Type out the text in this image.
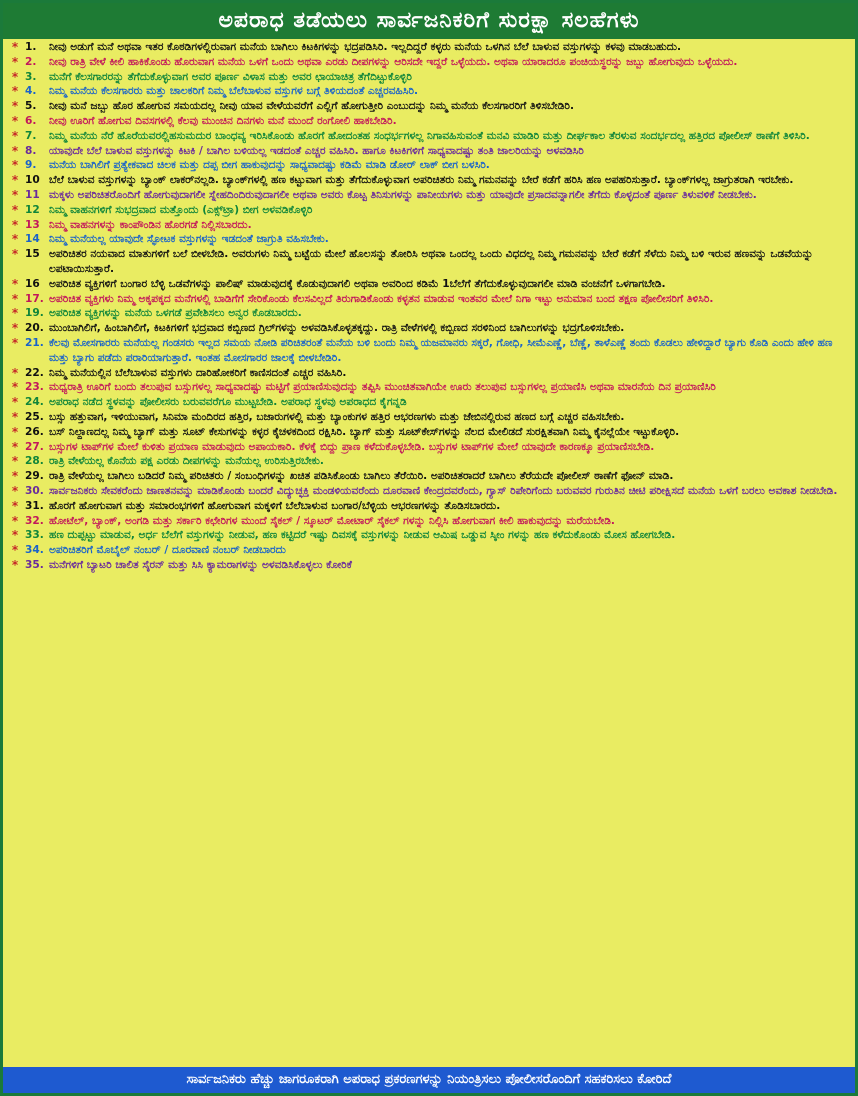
ಅಪರಾಧ ತಡೆಯಲು ಸಾರ್ವಜನಿಕರಿಗೆ ಸುರಕ್ಷಾ ಸಲಹೆಗಳು
* 1.	ನೀವು ಅಡುಗೆ ಮನೆ ಅಥವಾ ಇತರ ಕೊಠಡಿಗಳಲ್ಲಿರುವಾಗ ಮನೆಯ ಬಾಗಿಲು ಕಿಟಕಿಗಳನ್ನು ಭದ್ರಪಡಿಸಿರಿ. ಇಲ್ಲದಿದ್ದರೆ ಕಳ್ಳರು ಮನೆಯ ಒಳಗಿನ ಬೆಲೆ ಬಾಳುವ ವಸ್ತುಗಳನ್ನು ಕಳವು ಮಾಡಬಹುದು.
* 2.	ನೀವು ರಾತ್ರಿ ವೇಳೆ ಕೀಲಿ ಹಾಕಿಕೊಂಡು ಹೊರುವಾಗ ಮನೆಯ ಒಳಗೆ ಒಂದು ಅಥವಾ ಎರಡು ದೀಪಗಳನ್ನು ಆರಿಸದೇ ಇದ್ದರೆ ಒಳ್ಳೆಯದು. ಅಥವಾ ಯಾರಾದರೂ ಪಂಚಿಯಸ್ಥರನ್ನು ಜಬ್ಬು ಹೋಗುವುದು ಒಳ್ಳೆಯದು.
* 3.	ಮನೆಗೆ ಕೆಲಸಗಾರರನ್ನು ತೆಗೆದುಕೊಳ್ಳುವಾಗ ಅವರ ಪೂರ್ಣ ವಿಳಾಸ ಮತ್ತು ಅವರ ಛಾಯಾಚಿತ್ರ ತೆಗೆದಿಟ್ಟುಕೊಳ್ಳಿರಿ
* 4.	ನಿಮ್ಮ ಮನೆಯ ಕೆಲಸಗಾರರು ಮತ್ತು ಚಾಲಕರಿಗೆ ನಿಮ್ಮ ಬೆಲೆಬಾಳುವ ವಸ್ತುಗಳ ಬಗ್ಗೆ ತಿಳಿಯದಂತೆ ಎಚ್ಚರವಹಿಸಿರಿ.
* 5.	ನೀವು ಮನೆ ಜಬ್ಬು ಹೊರ ಹೋಗುವ ಸಮಯದಲ್ಲ ನೀವು ಯಾವ ವೇಳೆಯವರೆಗೆ ಎಲ್ಲಿಗೆ ಹೋಗುತ್ತೀರಿ ಎಂಬುದನ್ನು ನಿಮ್ಮ ಮನೆಯ ಕೆಲಸಗಾರರಿಗೆ ತಿಳಿಸಬೇಡಿರಿ.
* 6.	ನೀವು ಊರಿಗೆ ಹೋಗುವ ದಿವಸಗಳಲ್ಲಿ ಕೆಲವು ಮುಂಚಿನ ದಿನಗಳು ಮನೆ ಮುಂದೆ ರಂಗೋಲಿ ಹಾಕಬೇಡಿರಿ.
* 7.	ನಿಮ್ಮ ಮನೆಯ ನೆರೆ ಹೊರೆಯವರಲ್ಲಿಹಸುಮದುರ ಬಾಂಧವ್ಯ ಇರಿಸಿಕೊಂಡು ಹೊರಗೆ ಹೋದಂತಹ ಸಂಧರ್ಭಗಳಲ್ಲ ನಿಗಾವಹಿಸುವಂತೆ ಮನವಿ ಮಾಡಿರಿ ಮತ್ತು ದೀರ್ಘಕಾಲ ತೆರಳುವ ಸಂದರ್ಭದಲ್ಲ ಹತ್ತಿರದ ಪೋಲೀಸ್ ಠಾಣೆಗೆ ತಿಳಿಸಿರಿ.
* 8.	ಯಾವುದೇ ಬೆಲೆ ಬಾಳುವ ವಸ್ತುಗಳನ್ನು ಕಿಟಕಿ / ಬಾಗಿಲ ಬಳಿಯಲ್ಲ ಇಡದಂತೆ ಎಚ್ಚರ ವಹಿಸಿರಿ. ಹಾಗೂ ಕಿಟಕಿಗಳಿಗೆ ಸಾಧ್ಯವಾದಷ್ಟು ತಂತಿ ಜಾಲರಿಯನ್ನು ಅಳವಡಿಸಿರಿ
* 9.	ಮನೆಯ ಬಾಗಿಲಿಗೆ ಪ್ರತ್ಯೇಕವಾದ ಚಿಲಕ ಮತ್ತು ದಪ್ಪ ಬೀಗ ಹಾಕುವುದನ್ನು ಸಾಧ್ಯವಾದಷ್ಟು ಕಡಿಮೆ ಮಾಡಿ ಡೋರ್ ಲಾಕ್ ಬೀಗ ಬಳಸಿರಿ.
* 10 ಬೆಲೆ ಬಾಳುವ ವಸ್ತುಗಳನ್ನು ಬ್ಯಾಂಕ್ ಲಾಕರ್‌ನಲ್ಲಡಿ. ಬ್ಯಾಂಕ್‌ಗಳಲ್ಲಿ ಹಣ ಕಟ್ಟುವಾಗ ಮತ್ತು ತೆಗೆದುಕೊಳ್ಳುವಾಗ ಅಪರಿಚಿತರು ನಿಮ್ಮ ಗಮನವನ್ನು ಬೇರೆ ಕಡೆಗೆ ಹರಿಸಿ ಹಣ ಅಪಹರಿಸುತ್ತಾರೆ. ಬ್ಯಾಂಕ್‌ಗಳಲ್ಲ ಜಾಗ್ರುತರಾಗಿ ಇರಬೇಕು.
* 11 ಮಕ್ಕಳು ಅಪರಿಚಿತರೊಂದಿಗೆ ಹೋಗುವುದಾಗಲೀ ಸ್ನೇಹದಿಂದಿರುವುದಾಗಲೀ ಅಥವಾ ಅವರು ಕೊಟ್ಟ ತಿನಿಸುಗಳನ್ನು ಪಾನೀಯಗಳು ಮತ್ತು ಯಾವುದೇ ಪ್ರಸಾದವನ್ನಾಗಲೀ ತೆಗೆದು ಕೊಳ್ಳದಂತೆ ಪೂರ್ಣ ತಿಳುವಳಿಕೆ ನೀಡಬೇಕು.
* 12 ನಿಮ್ಮ ವಾಹನಗಳಿಗೆ ಸುಭದ್ರವಾದ ಮತ್ತೊಂದು (ಎಕ್ಸ್‌ಟ್ರಾ) ಬೀಗ ಅಳವಡಿಕೊಳ್ಳಿರಿ
* 13 ನಿಮ್ಮ ವಾಹನಗಳನ್ನು ಕಾಂಪೌಂಡಿನ ಹೊರಗಡೆ ನಿಲ್ಲಿಸಬಾರದು.
* 14 ನಿಮ್ಮ ಮನೆಯಲ್ಲ ಯಾವುದೇ ಸ್ಫೋಟಕ ವಸ್ತುಗಳನ್ನು ಇಡದಂತೆ ಜಾಗ್ರುತಿ ವಹಿಸಬೇಕು.
* 15 ಅಪರಿಚಿತರ ನಯವಾದ ಮಾತುಗಳಿಗೆ ಬಲೆ ಬೀಳಬೇಡಿ. ಅವರುಗಳು ನಿಮ್ಮ ಬಟ್ಟೆಯ ಮೇಲೆ ಹೊಲಸನ್ನು ತೋರಿಸಿ ಅಥವಾ ಒಂದಲ್ಲ ಒಂದು ವಿಧದಲ್ಲ ನಿಮ್ಮ ಗಮನವನ್ನು ಬೇರೆ ಕಡೆಗೆ ಸೆಳೆದು ನಿಮ್ಮ ಬಳಿ ಇರುವ ಹಣವನ್ನು ಒಡವೆಯನ್ನು ಲಪಟಾಯಿಸುತ್ತಾರೆ.
* 16 ಅಪರಿಚಿತ ವ್ಯಕ್ತಿಗಳಿಗೆ ಬಂಗಾರ ಬೆಳ್ಳಿ ಒಡವೆಗಳನ್ನು ಪಾಲಿಷ್ ಮಾಡುವುದಕ್ಕೆ ಕೊಡುವುದಾಗಲಿ ಅಥವಾ ಅವರಿಂದ ಕಡಿಮೆ 1ಬೆಲೆಗೆ ತೆಗೆದುಕೊಳ್ಳುವುದಾಗಲೀ ಮಾಡಿ ವಂಚನೆಗೆ ಒಳಗಾಗಬೇಡಿ.
* 17. ಅಪರಿಚಿತ ವ್ಯಕ್ತಿಗಳು ನಿಮ್ಮ ಅಕ್ಕಪಕ್ಕದ ಮನೆಗಳಲ್ಲಿ ಬಾಡಿಗೆಗೆ ಸೇರಿಕೊಂಡು ಕೆಲಸವಿಲ್ಲದೆ ತಿರುಗಾಡಿಕೊಂಡು ಕಳ್ಳತನ ಮಾಡುವ ಇಂತವರ ಮೇಲೆ ನಿಗಾ ಇಟ್ಟು ಅನುಮಾನ ಬಂದ ತಕ್ಷಣ ಪೋಲೀಸರಿಗೆ ತಿಳಿಸಿರಿ.
* 19. ಅಪರಿಚಿತ ವ್ಯಕ್ತಿಗಳನ್ನು ಮನೆಯ ಒಳಗಡೆ ಪ್ರವೇಶಿಸಲು ಅನ್ವರ ಕೊಡಬಾರದು.
* 20. ಮುಂಬಾಗಿಲಿಗೆ, ಹಿಂಬಾಗಿಲಿಗೆ, ಕಿಟಕಿಗಳಿಗೆ ಭದ್ರವಾದ ಕಬ್ಬಿಣದ ಗ್ರಿಲ್‌ಗಳನ್ನು ಅಳವಡಿಸಿಕೊಳ್ಳತಕ್ಕದ್ದು. ರಾತ್ರಿ ವೇಳೆಗಳಲ್ಲಿ ಕಬ್ಬಿಣದ ಸರಳಿನಿಂದ ಬಾಗಿಲುಗಳನ್ನು ಭದ್ರಗೊಳಿಸಬೇಕು.
* 21. ಕೆಲವು ಮೋಸಗಾರರು ಮನೆಯಲ್ಲ ಗಂಡಸರು ಇಲ್ಲದ ಸಮಯ ನೋಡಿ ಪರಿಚಿತರಂತೆ ಮನೆಯ ಬಳಿ ಬಂದು ನಿಮ್ಮ ಯಜಮಾನರು ಸಕ್ಕರೆ, ಗೋಧಿ, ಸೀಮೆಎಣ್ಣೆ, ಬೆಣ್ಣೆ, ತಾಳೆಎಣ್ಣೆ ತಂದು ಕೊಡಲು ಹೇಳಿದ್ದಾರೆ ಬ್ಯಾಗು ಕೊಡಿ ಎಂದು ಹೇಳಿ ಹಣ ಮತ್ತು ಬ್ಯಾಗು ಪಡೆದು ಪರಾರಿಯಾಗುತ್ತಾರೆ. ಇಂತಹ ಮೋಸಗಾರರ ಜಾಲಕ್ಕೆ ಬೀಳಬೇಡಿರಿ.
* 22. ನಿಮ್ಮ ಮನೆಯಲ್ಲಿನ ಬೆಲೆಬಾಳುವ ವಸ್ತುಗಳು ದಾರಿಹೋಕರಿಗೆ ಕಾಣಿಸದಂತೆ ಎಚ್ಚರ ವಹಿಸಿರಿ.
* 23. ಮಧ್ಯರಾತ್ರಿ ಊರಿಗೆ ಬಂದು ತಲುಪುವ ಬಸ್ಸುಗಳಲ್ಲ ಸಾಧ್ಯವಾದಷ್ಟು ಮಟ್ಟಿಗೆ ಪ್ರಯಾಣಿಸುವುದನ್ನು ತಪ್ಪಿಸಿ ಮುಂಚಿತವಾಗಿಯೇ ಊರು ತಲುಪುವ ಬಸ್ಸುಗಳಲ್ಲ ಪ್ರಯಾಣಿಸಿ ಅಥವಾ ಮಾರನೆಯ ದಿನ ಪ್ರಯಾಣಿಸಿರಿ
* 24. ಅಪರಾಧ ನಡೆದ ಸ್ಥಳವನ್ನು ಪೋಲೀಸರು ಬರುವವರೆಗೂ ಮುಟ್ಟಬೇಡಿ. ಅಪರಾಧ ಸ್ಥಳವು ಅಪರಾಧದ ಕೈಗನ್ನಡಿ
* 25. ಬಸ್ಸು ಹತ್ತುವಾಗ, ಇಳಿಯುವಾಗ, ಸಿನಿಮಾ ಮಂದಿರದ ಹತ್ತಿರ, ಬಜಾರುಗಳಲ್ಲಿ ಮತ್ತು ಬ್ಯಾಂಕುಗಳ ಹತ್ತಿರ ಆಭರಣಗಳು ಮತ್ತು ಜೇಬಿನಲ್ಲಿರುವ ಹಣದ ಬಗ್ಗೆ ಎಚ್ಚರ ವಹಿಸಬೇಕು.
* 26. ಬಸ್ ನಿಲ್ದಾಣದಲ್ಲ ನಿಮ್ಮ ಬ್ಯಾಗ್ ಮತ್ತು ಸೂಟ್ ಕೇಸುಗಳನ್ನು ಕಳ್ಳರ ಕೈಚಳಕದಿಂದ ರಕ್ಷಿಸಿರಿ. ಬ್ಯಾಗ್ ಮತ್ತು ಸೂಟ್‌ಕೇಸ್‌ಗಳನ್ನು ನೆಲದ ಮೇಲಿಡದೆ ಸುರಕ್ಷಿತವಾಗಿ ನಿಮ್ಮ ಕೈನಲ್ಲೆಯೇ ಇಟ್ಟುಕೊಳ್ಳಿರಿ.
* 27. ಬಸ್ಸುಗಳ ಟಾಪ್‌ಗಳ ಮೇಲೆ ಕುಳಿತು ಪ್ರಯಾಣ ಮಾಡುವುದು ಅಪಾಯಕಾರಿ. ಕೆಳಕ್ಕೆ ಬಿದ್ದು ಪ್ರಾಣ ಕಳೆದುಕೊಳ್ಳಬೇಡಿ. ಬಸ್ಸುಗಳ ಟಾಪ್‌ಗಳ ಮೇಲೆ ಯಾವುದೇ ಕಾರಣಕ್ಕೂ ಪ್ರಯಾಣಿಸಬೇಡಿ.
* 28. ರಾತ್ರಿ ವೇಳೆಯಲ್ಲ ಕೊನೆಯ ಪಕ್ಷ ಎರಡು ದೀಪಗಳನ್ನು ಮನೆಯಲ್ಲ ಉರಿಸುತ್ತಿರಬೇಕು.
* 29. ರಾತ್ರಿ ವೇಳೆಯಲ್ಲ ಬಾಗಿಲು ಬಡಿದರೆ ನಿಮ್ಮ ಪರಿಚಿತರು / ಸಂಬಂಧಿಗಳನ್ನು ಖಚಿತ ಪಡಿಸಿಕೊಂಡು ಬಾಗಿಲು ತೆರೆಯಿರಿ. ಅಪರಿಚಿತರಾದರೆ ಬಾಗಿಲು ತೆರೆಯದೇ ಪೋಲೀಸ್ ಠಾಣೆಗೆ ಫೋನ್ ಮಾಡಿ.
* 30. ಸಾರ್ವಜನಿಕರು ಸೇವಕರೆಂದು ಜಾಣತನವನ್ನು ಮಾಡಿಕೊಂಡು ಬಂದರೆ ವಿದ್ಯುಚ್ಛಕ್ತಿ ಮಂಡಳಿಯವರೆಂದು ದೂರವಾಣಿ ಕೇಂದ್ರದವರೆಂದು, ಗ್ಯಾಸ್ ರಿಪೇರಿಗೆಂದು ಬರುವವರ ಗುರುತಿನ ಚೀಟಿ ಪರೀಕ್ಷಿಸದೆ ಮನೆಯ ಒಳಗೆ ಬರಲು ಅವಕಾಶ ನೀಡಬೇಡಿ.
* 31. ಹೊರಗೆ ಹೋಗುವಾಗ ಮತ್ತು ಸಮಾರಂಭಗಳಿಗೆ ಹೋಗುವಾಗ ಮಕ್ಕಳಿಗೆ ಬೆಲೆಬಾಳುವ ಬಂಗಾರ/ಬೆಳ್ಳಿಯ ಆಭರಣಗಳನ್ನು ತೊಡಿಸಬಾರದು.
* 32. ಹೋಟೆಲ್, ಬ್ಯಾಂಕ್, ಅಂಗಡಿ ಮತ್ತು ಸರ್ಕಾರಿ ಕಛೇರಿಗಳ ಮುಂದೆ ಸೈಕಲ್ / ಸ್ಕೂಟರ್ ಮೋಟಾರ್ ಸೈಕಲ್ ಗಳನ್ನು ನಿಲ್ಲಿಸಿ ಹೋಗುವಾಗ ಕೀಲಿ ಹಾಕುವುದನ್ನು ಮರೆಯಬೇಡಿ.
* 33. ಹಣ ದುಪ್ಪಟ್ಟು ಮಾಡುವ, ಅರ್ಧ ಬೆಲೆಗೆ ವಸ್ತುಗಳನ್ನು ನೀಡುವ, ಹಣ ಕಟ್ಟಿದರೆ ಇಷ್ಟು ದಿವಸಕ್ಕೆ ವಸ್ತುಗಳನ್ನು ನೀಡುವ ಆಮಿಷ ಒಡ್ಡುವ ಸ್ಕೀಂ ಗಳನ್ನು ಹಣ ಕಳೆದುಕೊಂಡು ಮೋಸ ಹೋಗಬೇಡಿ.
* 34. ಅಪರಿಚಿತರಿಗೆ ಮೊಬೈಲ್ ನಂಬರ್ / ದೂರವಾಣಿ ನಂಬರ್ ನೀಡಬಾರದು
* 35. ಮನೆಗಳಿಗೆ ಬ್ಯಾಟರಿ ಚಾಲಿತ ಸೈರನ್ ಮತ್ತು ಸಿಸಿ ಕ್ಯಾಮರಾಗಳನ್ನು ಅಳವಡಿಸಿಕೊಳ್ಳಲು ಕೋರಿಕೆ
ಸಾರ್ವಜನಿಕರು ಹೆಚ್ಚು ಜಾಗರೂಕರಾಗಿ ಅಪರಾಧ ಪ್ರಕರಣಗಳನ್ನು ನಿಯಂತ್ರಿಸಲು ಪೋಲೀಸರೊಂದಿಗೆ ಸಹಕರಿಸಲು ಕೋರಿದೆ
